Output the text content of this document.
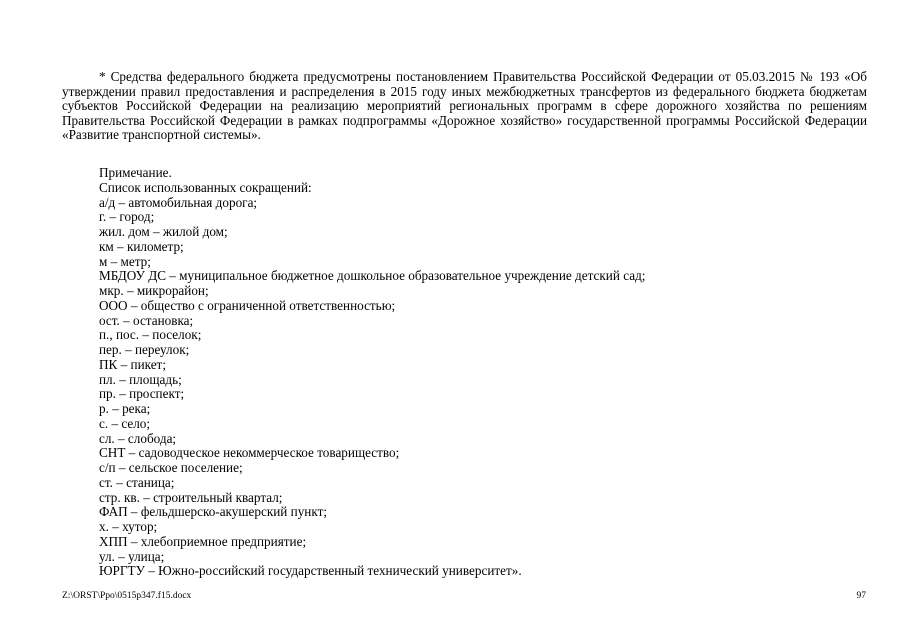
* Средства федерального бюджета предусмотрены постановлением Правительства Российской Федерации от 05.03.2015 № 193 «Об утверждении правил предоставления и распределения в 2015 году иных межбюджетных трансфертов из федерального бюджета бюджетам субъектов Российской Федерации на реализацию мероприятий региональных программ в сфере дорожного хозяйства по решениям Правительства Российской Федерации в рамках подпрограммы «Дорожное хозяйство» государственной программы Российской Федерации «Развитие транспортной системы».

Примечание.
Список использованных сокращений:
а/д – автомобильная дорога;
г. – город;
жил. дом – жилой дом;
км – километр;
м – метр;
МБДОУ ДС – муниципальное бюджетное дошкольное образовательное учреждение детский сад;
мкр. – микрорайон;
ООО – общество с ограниченной ответственностью;
ост. – остановка;
п., пос. – поселок;
пер. – переулок;
ПК – пикет;
пл. – площадь;
пр. – проспект;
р. – река;
с. – село;
сл. – слобода;
СНТ – садоводческое некоммерческое товарищество;
с/п – сельское поселение;
ст. – станица;
стр. кв. – строительный квартал;
ФАП – фельдшерско-акушерский пункт;
х. – хутор;
ХПП – хлебоприемное предприятие;
ул. – улица;
ЮРГТУ – Южно-российский государственный технический университет».
Z:\ORST\Ppo\0515p347.f15.docx	97
